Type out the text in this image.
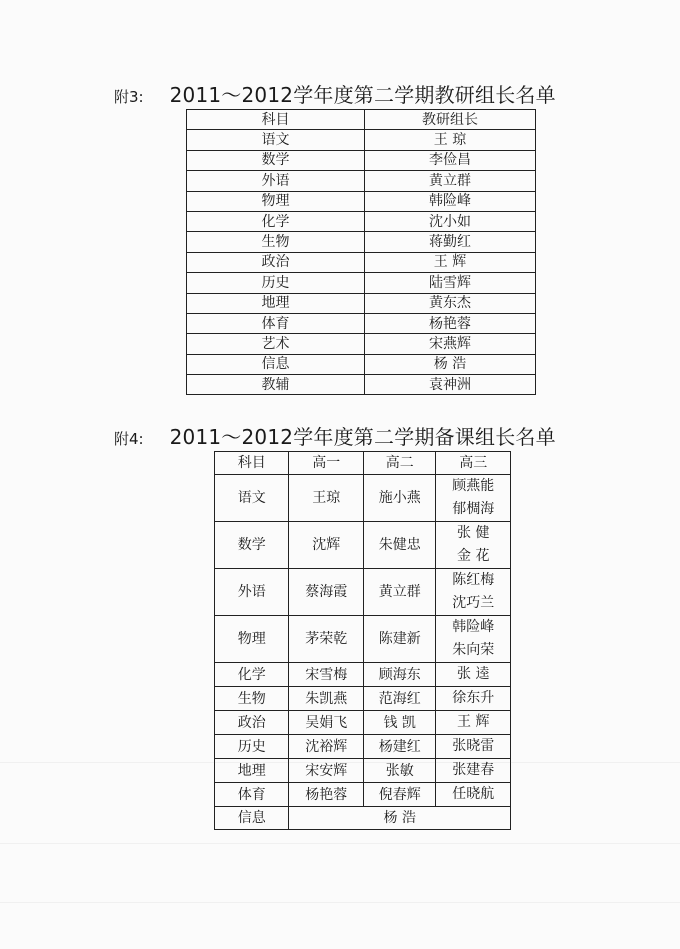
附3: 2011～2012学年度第二学期教研组长名单
科目	教研组长
语文	王 琼
数学	李俭昌
外语	黄立群
物理	韩险峰
化学	沈小如
生物	蒋勤红
政治	王 辉
历史	陆雪辉
地理	黄东杰
体育	杨艳蓉
艺术	宋燕辉
信息	杨 浩
教辅	袁神洲
附4: 2011～2012学年度第二学期备课组长名单
科目	高一	高二	高三
语文	王琼	施小燕	顾燕能
郁椆海

数学	沈辉	朱健忠	张 健
金 花

外语	蔡海霞	黄立群	陈红梅
沈巧兰

物理	茅荣乾	陈建新	韩险峰
朱向荣

化学	宋雪梅	顾海东	张 逵

生物	朱凯燕	范海红	徐东升

政治	吴娟飞	钱 凯	王 辉

历史	沈裕辉	杨建红	张晓雷

地理	宋安辉	张敏	张建春

体育	杨艳蓉	倪春辉	任晓航

信息	杨 浩		
